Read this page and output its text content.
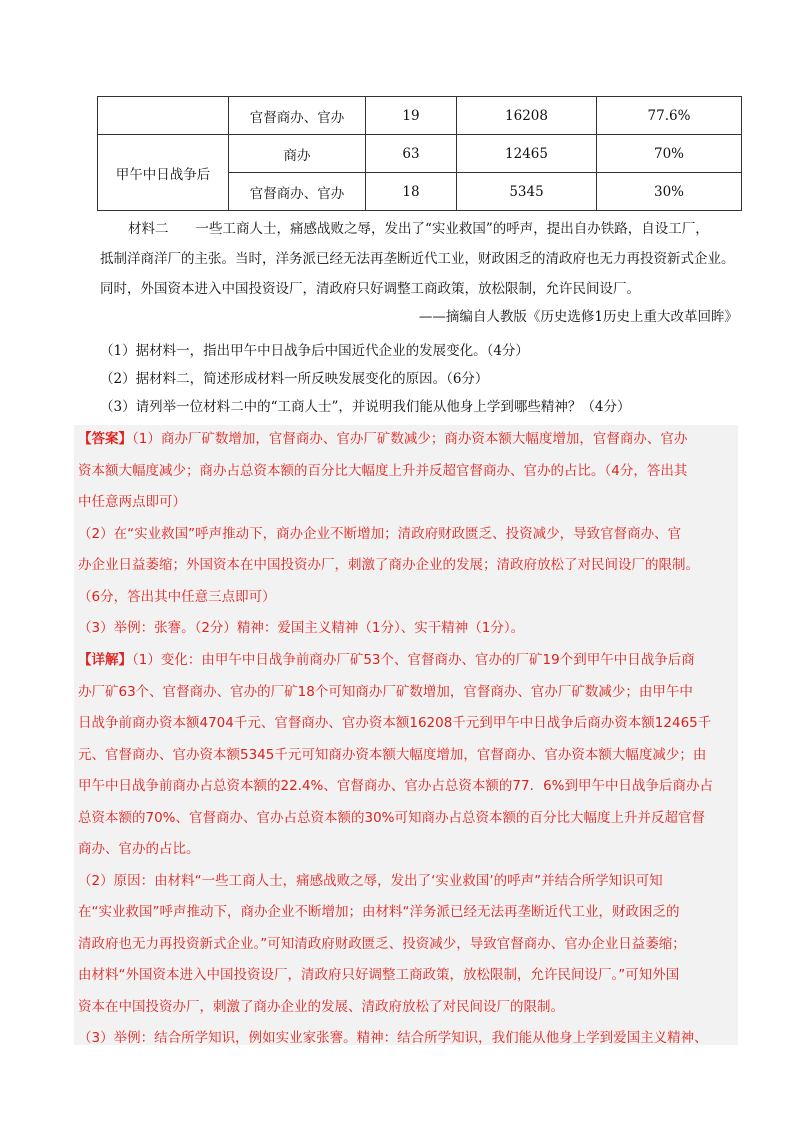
	官督商办、官办	19	16208	77.6%
甲午中日战争后	商办	63	12465	70%
	官督商办、官办	18	5345	30%
材料二　　一些工商人士，痛感战败之辱，发出了“实业救国”的呼声，提出自办铁路，自设工厂，
抵制洋商洋厂的主张。当时，洋务派已经无法再垄断近代工业，财政困乏的清政府也无力再投资新式企业。
同时，外国资本进入中国投资设厂，清政府只好调整工商政策，放松限制，允许民间设厂。
——摘编自人教版《历史选修1历史上重大改革回眸》
（1）据材料一，指出甲午中日战争后中国近代企业的发展变化。（4分）
（2）据材料二，简述形成材料一所反映发展变化的原因。（6分）
（3）请列举一位材料二中的“工商人士”，并说明我们能从他身上学到哪些精神？（4分）
【答案】（1）商办厂矿数增加，官督商办、官办厂矿数减少；商办资本额大幅度增加，官督商办、官办
资本额大幅度减少；商办占总资本额的百分比大幅度上升并反超官督商办、官办的占比。（4分，答出其
中任意两点即可）
（2）在“实业救国”呼声推动下，商办企业不断增加；清政府财政匮乏、投资减少，导致官督商办、官
办企业日益萎缩；外国资本在中国投资办厂，刺激了商办企业的发展；清政府放松了对民间设厂的限制。
（6分，答出其中任意三点即可）
（3）举例：张謇。（2分）精神：爱国主义精神（1分）、实干精神（1分）。
【详解】（1）变化：由甲午中日战争前商办厂矿53个、官督商办、官办的厂矿19个到甲午中日战争后商
办厂矿63个、官督商办、官办的厂矿18个可知商办厂矿数增加，官督商办、官办厂矿数减少；由甲午中
日战争前商办资本额4704千元、官督商办、官办资本额16208千元到甲午中日战争后商办资本额12465千
元、官督商办、官办资本额5345千元可知商办资本额大幅度增加，官督商办、官办资本额大幅度减少；由
甲午中日战争前商办占总资本额的22.4%、官督商办、官办占总资本额的77．6%到甲午中日战争后商办占
总资本额的70%、官督商办、官办占总资本额的30%可知商办占总资本额的百分比大幅度上升并反超官督
商办、官办的占比。
（2）原因：由材料“一些工商人士，痛感战败之辱，发出了‘实业救国’的呼声”并结合所学知识可知
在“实业救国”呼声推动下，商办企业不断增加；由材料“洋务派已经无法再垄断近代工业，财政困乏的
清政府也无力再投资新式企业。”可知清政府财政匮乏、投资减少，导致官督商办、官办企业日益萎缩；
由材料“外国资本进入中国投资设厂，清政府只好调整工商政策，放松限制，允许民间设厂。”可知外国
资本在中国投资办厂，刺激了商办企业的发展、清政府放松了对民间设厂的限制。
（3）举例：结合所学知识，例如实业家张謇。精神：结合所学知识，我们能从他身上学到爱国主义精神、
